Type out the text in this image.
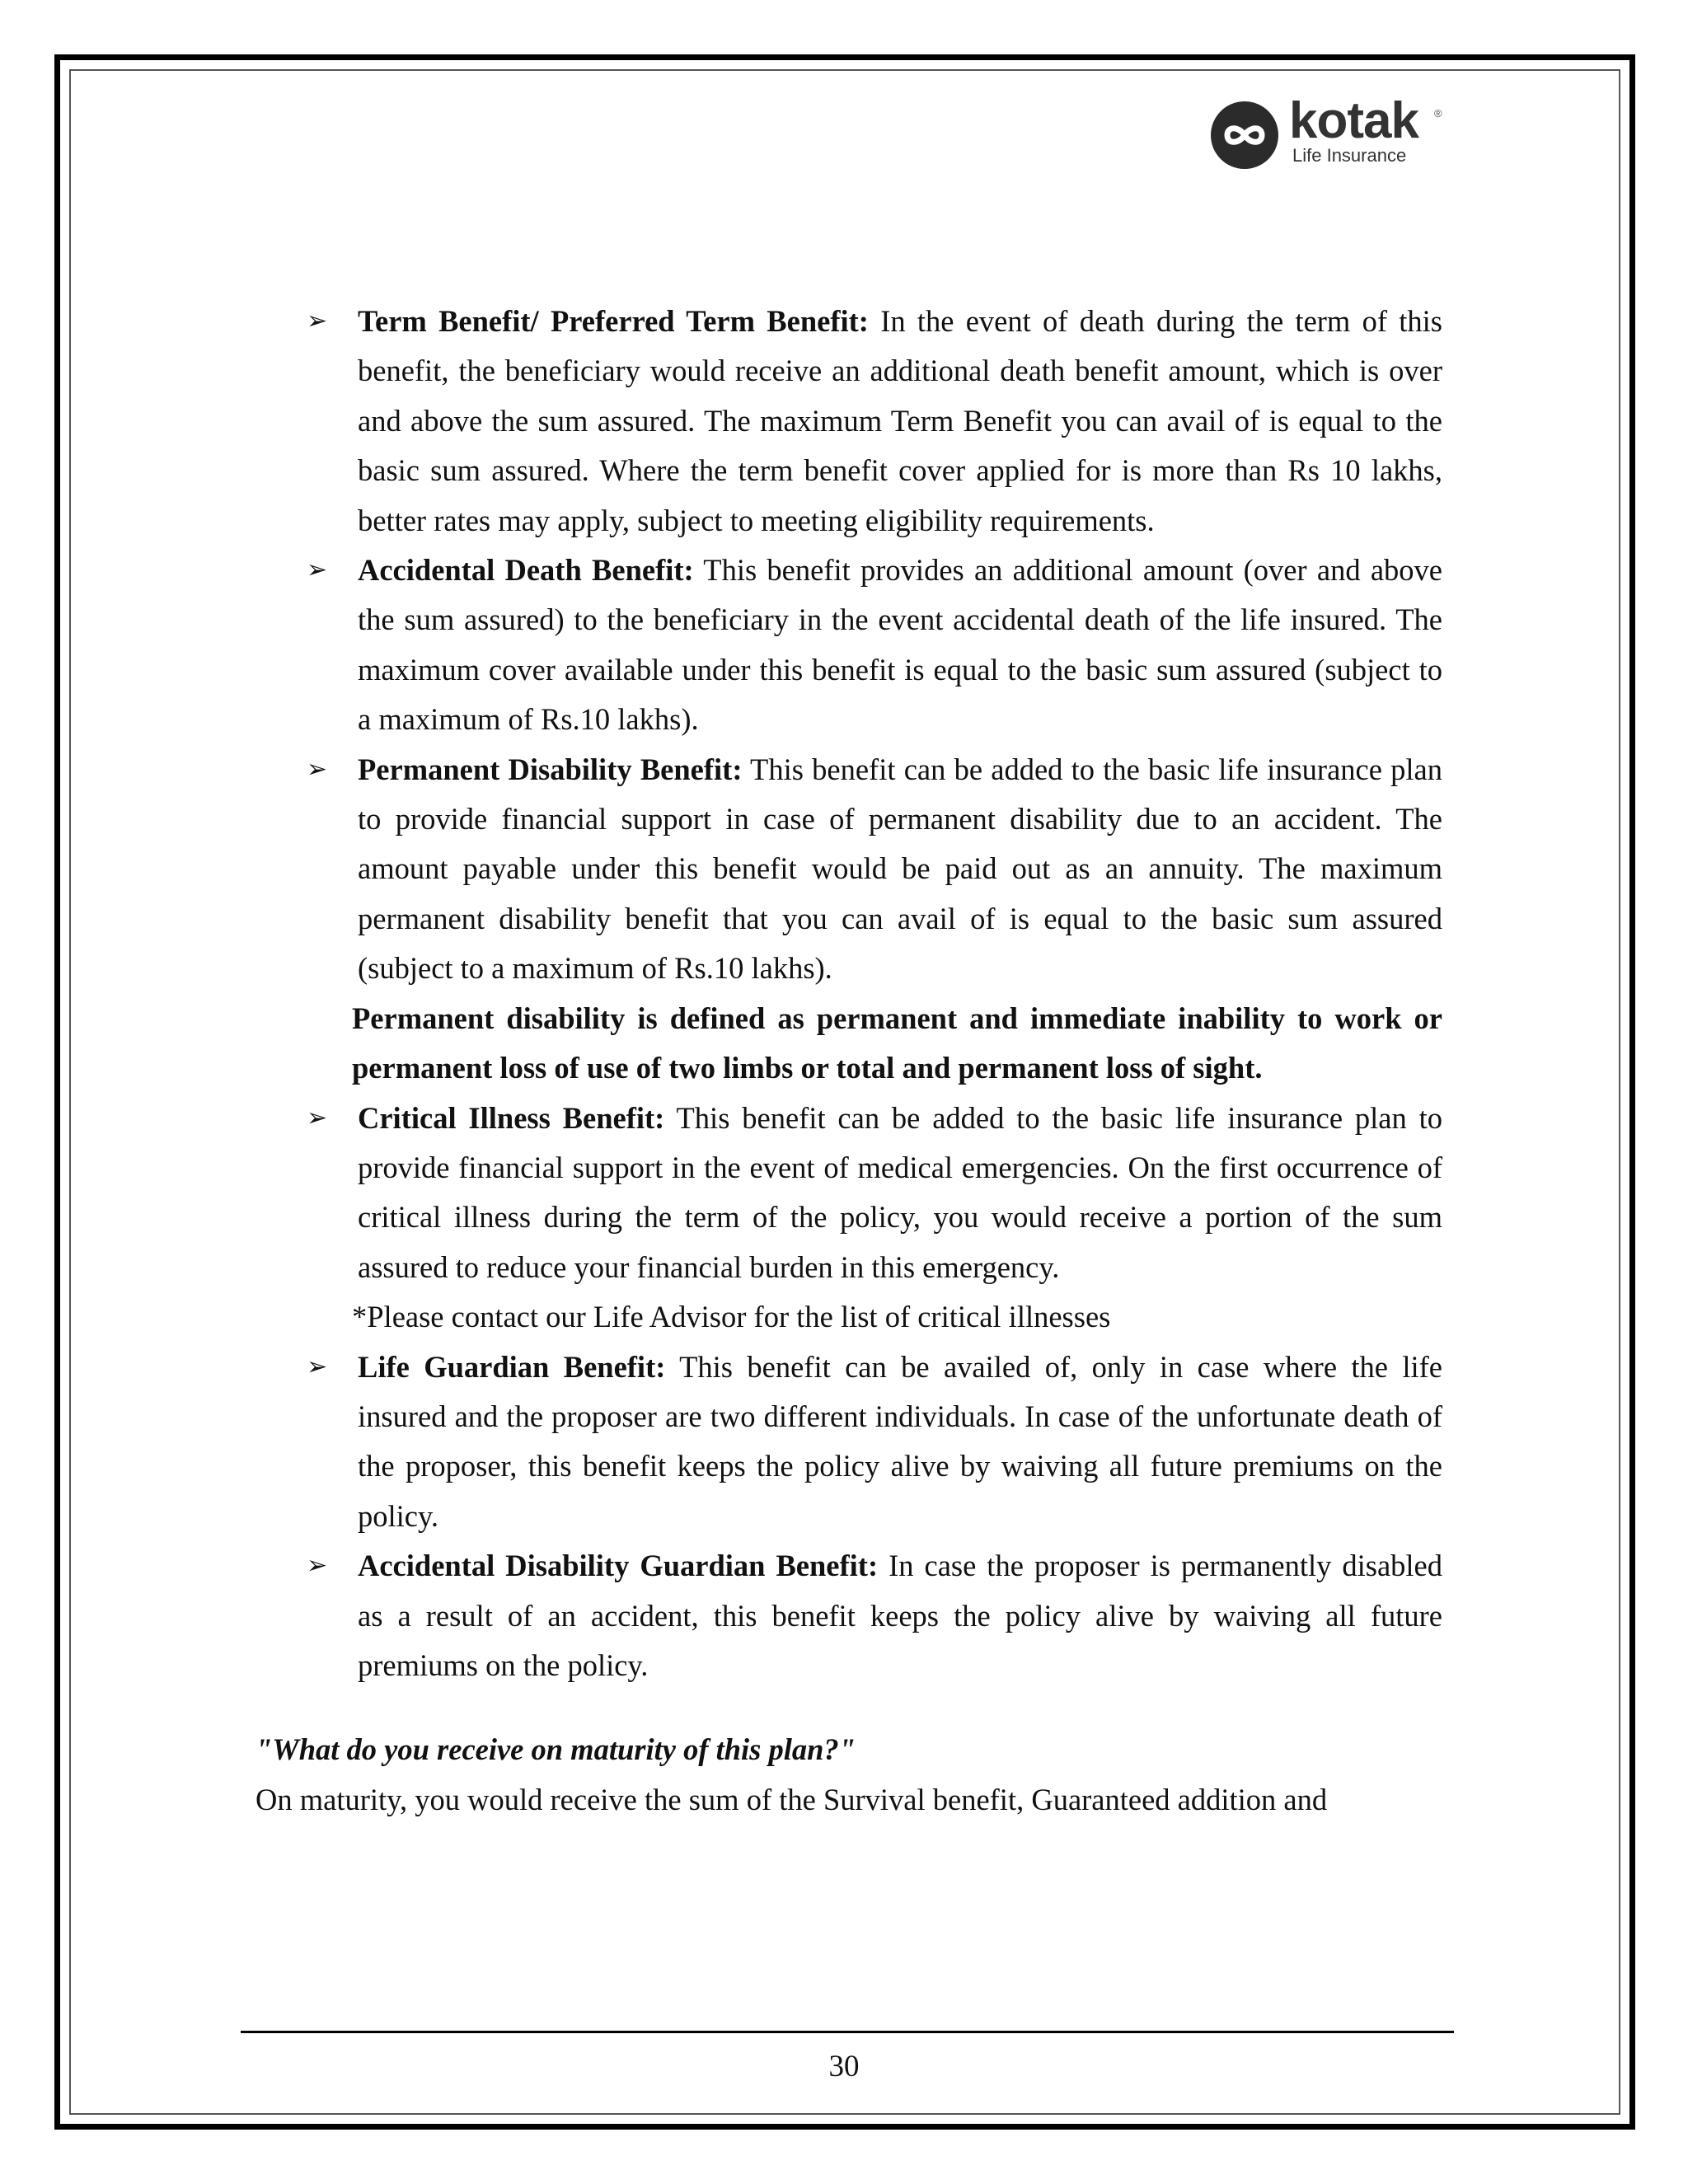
kotak ®
Life Insurance
➢ Term Benefit/ Preferred Term Benefit: In the event of death during the term of this benefit, the beneficiary would receive an additional death benefit amount, which is over and above the sum assured. The maximum Term Benefit you can avail of is equal to the basic sum assured. Where the term benefit cover applied for is more than Rs 10 lakhs, better rates may apply, subject to meeting eligibility requirements.
➢ Accidental Death Benefit: This benefit provides an additional amount (over and above the sum assured) to the beneficiary in the event accidental death of the life insured. The maximum cover available under this benefit is equal to the basic sum assured (subject to a maximum of Rs.10 lakhs).
➢ Permanent Disability Benefit: This benefit can be added to the basic life insurance plan to provide financial support in case of permanent disability due to an accident. The amount payable under this benefit would be paid out as an annuity. The maximum permanent disability benefit that you can avail of is equal to the basic sum assured (subject to a maximum of Rs.10 lakhs).
Permanent disability is defined as permanent and immediate inability to work or permanent loss of use of two limbs or total and permanent loss of sight.
➢ Critical Illness Benefit: This benefit can be added to the basic life insurance plan to provide financial support in the event of medical emergencies. On the first occurrence of critical illness during the term of the policy, you would receive a portion of the sum assured to reduce your financial burden in this emergency.
*Please contact our Life Advisor for the list of critical illnesses
➢ Life Guardian Benefit: This benefit can be availed of, only in case where the life insured and the proposer are two different individuals. In case of the unfortunate death of the proposer, this benefit keeps the policy alive by waiving all future premiums on the policy.
➢ Accidental Disability Guardian Benefit: In case the proposer is permanently disabled as a result of an accident, this benefit keeps the policy alive by waiving all future premiums on the policy.
"What do you receive on maturity of this plan?"
On maturity, you would receive the sum of the Survival benefit, Guaranteed addition and
30
